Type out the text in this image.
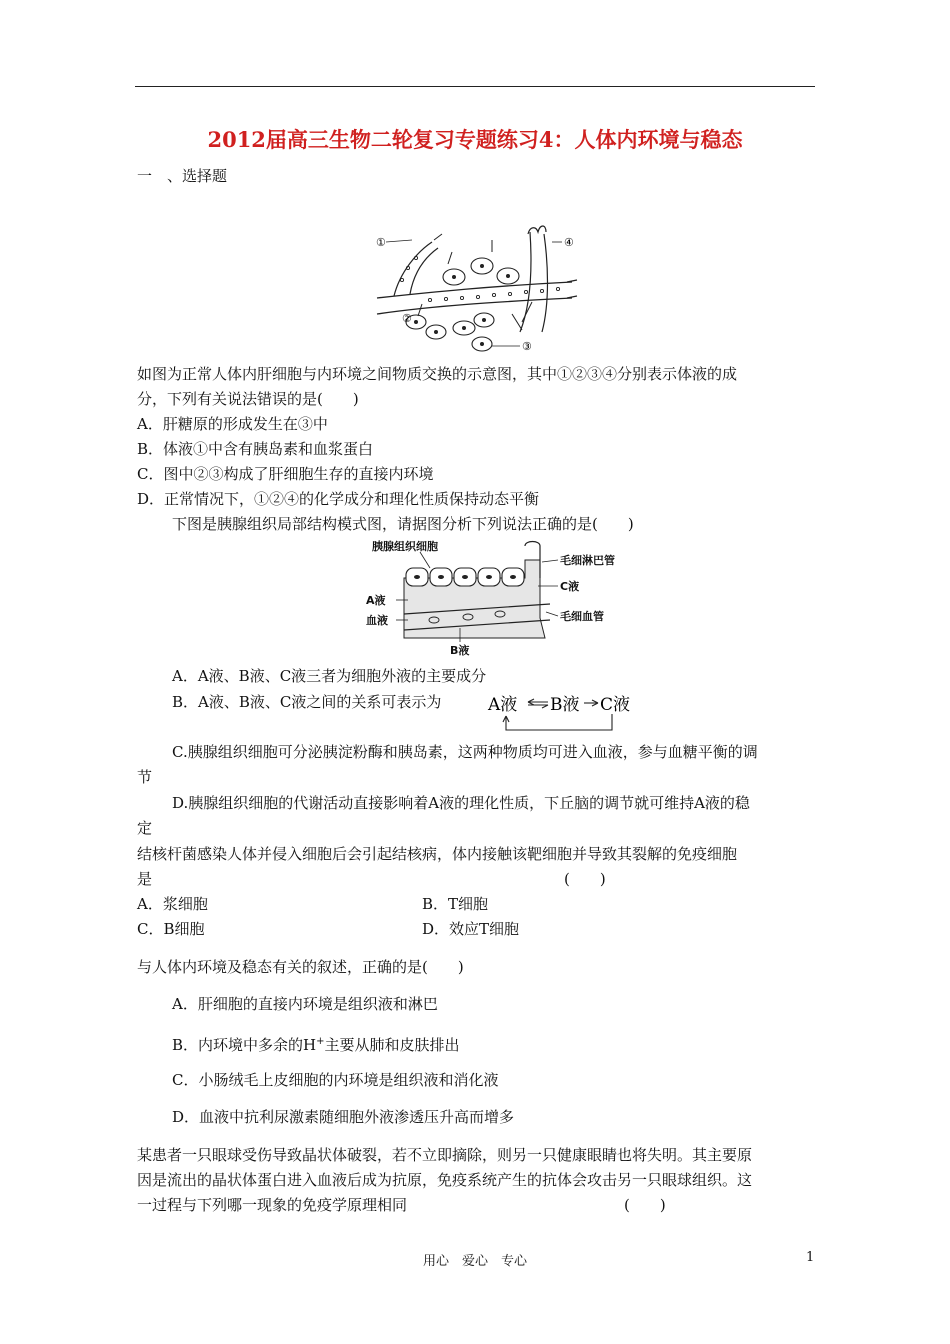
2012届高三生物二轮复习专题练习4：人体内环境与稳态
一　、选择题
①
②
③
④
如图为正常人体内肝细胞与内环境之间物质交换的示意图，其中①②③④分别表示体液的成
分，下列有关说法错误的是(　　)
A．肝糖原的形成发生在③中
B．体液①中含有胰岛素和血浆蛋白
C．图中②③构成了肝细胞生存的直接内环境
D．正常情况下，①②④的化学成分和理化性质保持动态平衡
下图是胰腺组织局部结构模式图，请据图分析下列说法正确的是(　　)
胰腺组织细胞
毛细淋巴管
C液
A液
血液	毛细血管
B液
A．A液、B液、C液三者为细胞外液的主要成分
B．A液、B液、C液之间的关系可表示为	A液 B液 C液
C.胰腺组织细胞可分泌胰淀粉酶和胰岛素，这两种物质均可进入血液，参与血糖平衡的调
节
D.胰腺组织细胞的代谢活动直接影响着A液的理化性质，下丘脑的调节就可维持A液的稳
定
结核杆菌感染人体并侵入细胞后会引起结核病，体内接触该靶细胞并导致其裂解的免疫细胞
是	(　　)
A．浆细胞	B．T细胞
C．B细胞	D．效应T细胞
与人体内环境及稳态有关的叙述，正确的是(　　)
A．肝细胞的直接内环境是组织液和淋巴
B．内环境中多余的H+主要从肺和皮肤排出
C．小肠绒毛上皮细胞的内环境是组织液和消化液
D．血液中抗利尿激素随细胞外液渗透压升高而增多
某患者一只眼球受伤导致晶状体破裂，若不立即摘除，则另一只健康眼睛也将失明。其主要原
因是流出的晶状体蛋白进入血液后成为抗原，免疫系统产生的抗体会攻击另一只眼球组织。这
一过程与下列哪一现象的免疫学原理相同	(　　)
用心　爱心　专心	1
